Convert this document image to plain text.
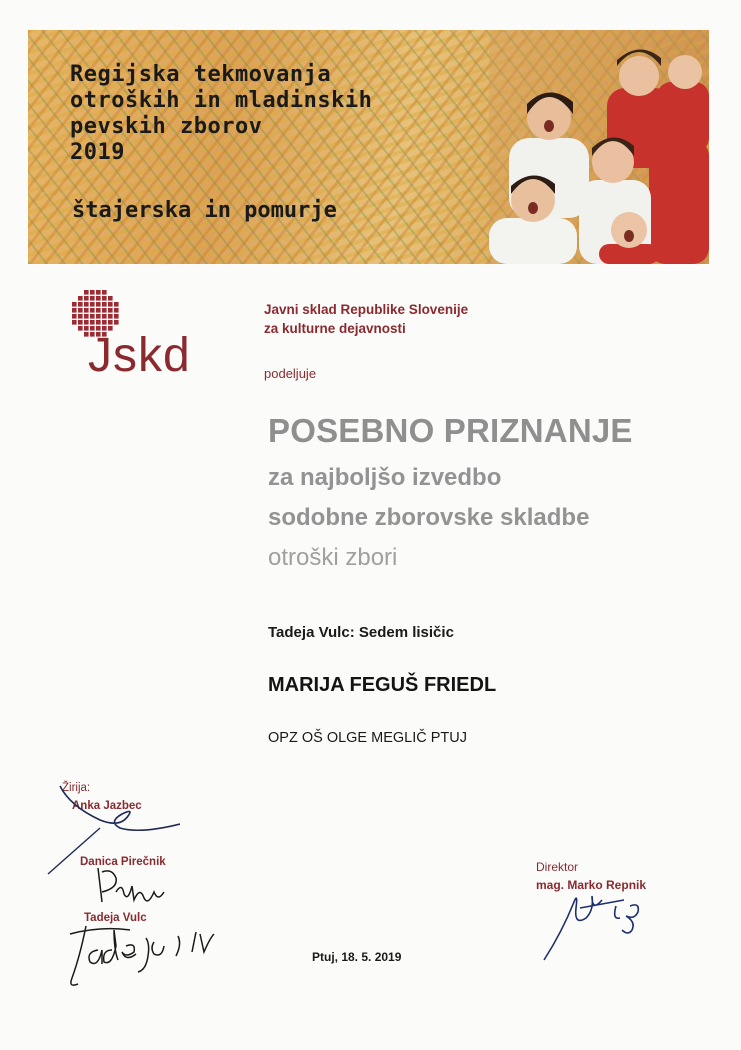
Regijska tekmovanja
otroških in mladinskih
pevskih zborov
2019
štajerska in pomurje
Jskd
Javni sklad Republike Slovenije
za kulturne dejavnosti
podeljuje
POSEBNO PRIZNANJE
za najboljšo izvedbo
sodobne zborovske skladbe
otroški zbori
Tadeja Vulc: Sedem lisičic
MARIJA FEGUŠ FRIEDL
OPZ OŠ OLGE MEGLIČ PTUJ
Žirija:
Anka Jazbec
Danica Pirečnik
Tadeja Vulc
Ptuj, 18. 5. 2019
Direktor
mag. Marko Repnik
